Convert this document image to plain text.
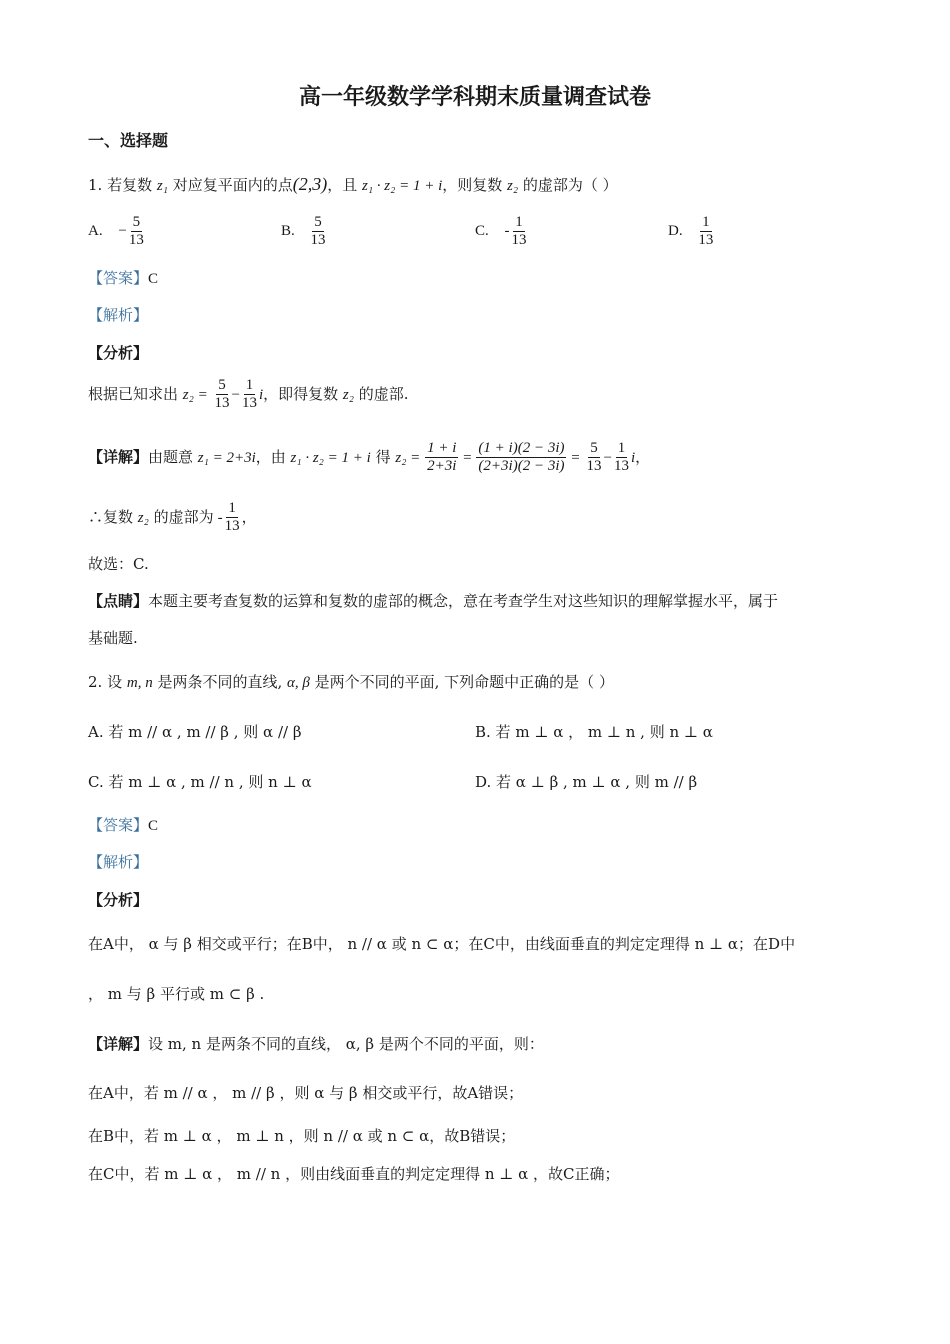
高一年级数学学科期末质量调查试卷
一、选择题
1. 若复数 z₁ 对应复平面内的点(2,3)，且 z₁ · z₂ = 1 + i，则复数 z₂ 的虚部为（ ）
A. − $\frac{5}{13}$	B. $\frac{5}{13}$	C. - $\frac{1}{13}$	D. $\frac{1}{13}$
【答案】C
【解析】
【分析】
根据已知求出 $z_2 = \frac{5}{13} - \frac{1}{13}$ i，即得复数 z₂ 的虚部.
【详解】由题意 z₁ = 2+3i，由 z₁ · z₂ = 1 + i 得 $z_2 = \frac{1 + i}{2+3i} = \frac{(1 + i)(2 - 3i)}{(2+3i)(2 - 3i)} = \frac{5}{13} - \frac{1}{13}$ i，
∴复数 z₂ 的虚部为 - $\frac{1}{13}$ ，
故选：C.
【点睛】本题主要考查复数的运算和复数的虚部的概念，意在考查学生对这些知识的理解掌握水平，属于
基础题.
2. 设 m, n 是两条不同的直线, α, β 是两个不同的平面, 下列命题中正确的是（ ）
A. 若 m // α , m // β , 则 α // β	B. 若 m ⊥ α ， m ⊥ n , 则 n ⊥ α
C. 若 m ⊥ α , m // n , 则 n ⊥ α	D. 若 α ⊥ β , m ⊥ α , 则 m // β
【答案】C
【解析】
【分析】
在A中， α 与 β 相交或平行；在B中， n // α 或 n ⊂ α；在C中，由线面垂直的判定定理得 n ⊥ α；在D中
， m 与 β 平行或 m ⊂ β .
【详解】设 m, n 是两条不同的直线， α, β 是两个不同的平面，则：
在A中，若 m // α ， m // β ，则 α 与 β 相交或平行，故A错误；
在B中，若 m ⊥ α ， m ⊥ n ，则 n // α 或 n ⊂ α，故B错误；
在C中，若 m ⊥ α ， m // n ，则由线面垂直的判定定理得 n ⊥ α ，故C正确；
